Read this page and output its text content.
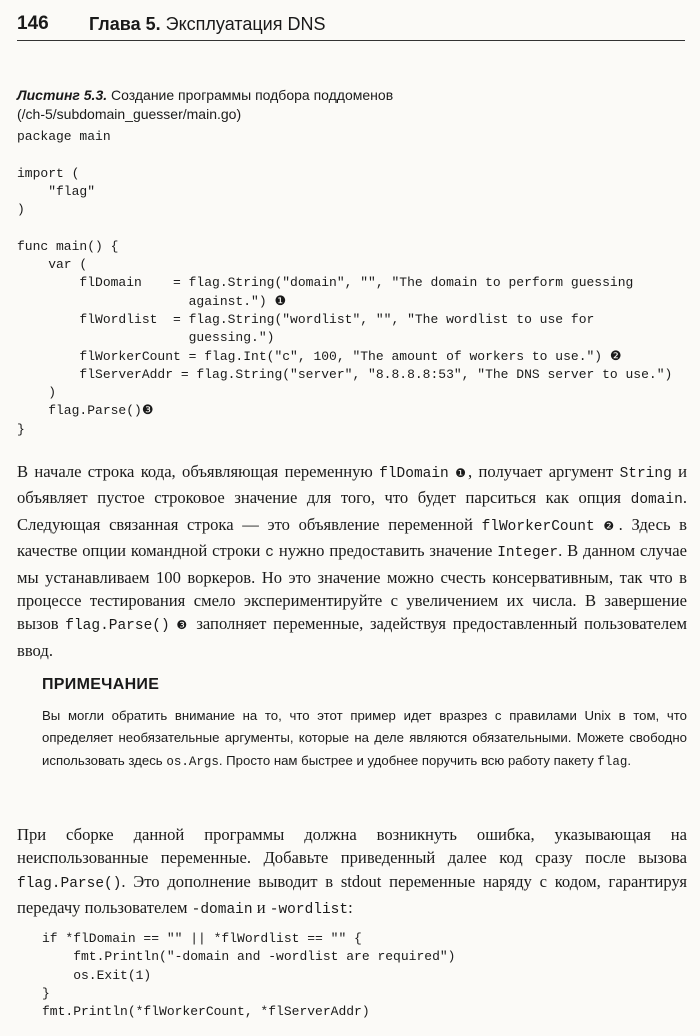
146 Глава 5. Эксплуатация DNS
Листинг 5.3. Создание программы подбора поддоменов
(/ch-5/subdomain_guesser/main.go)
package main

import (
"flag"
)

func main() {
var (
flDomain    = flag.String("domain", "", "The domain to perform guessing
against.") ❶
flWordlist  = flag.String("wordlist", "", "The wordlist to use for
guessing.")
flWorkerCount = flag.Int("c", 100, "The amount of workers to use.") ❷
flServerAddr = flag.String("server", "8.8.8.8:53", "The DNS server to use.")
)
flag.Parse()❸
}
В начале строка кода, объявляющая переменную flDomain ❶, получает аргумент String и объявляет пустое строковое значение для того, что будет парситься как опция domain. Следующая связанная строка — это объявление переменной flWorkerCount ❷. Здесь в качестве опции командной строки c нужно предоставить значение Integer. В данном случае мы устанавливаем 100 воркеров. Но это значение можно счесть консервативным, так что в процессе тестирования смело экспериментируйте с увеличением их числа. В завершение вызов flag.Parse() ❸ заполняет переменные, задействуя предоставленный пользователем ввод.
ПРИМЕЧАНИЕ
Вы могли обратить внимание на то, что этот пример идет вразрез с правилами Unix в том, что определяет необязательные аргументы, которые на деле являются обязательными. Можете свободно использовать здесь os.Args. Просто нам быстрее и удобнее поручить всю работу пакету flag.
При сборке данной программы должна возникнуть ошибка, указывающая на неиспользованные переменные. Добавьте приведенный далее код сразу после вызова flag.Parse(). Это дополнение выводит в stdout переменные наряду с кодом, гарантируя передачу пользователем -domain и -wordlist:
if *flDomain == "" || *flWordlist == "" {
fmt.Println("-domain and -wordlist are required")
os.Exit(1)
}
fmt.Println(*flWorkerCount, *flServerAddr)
